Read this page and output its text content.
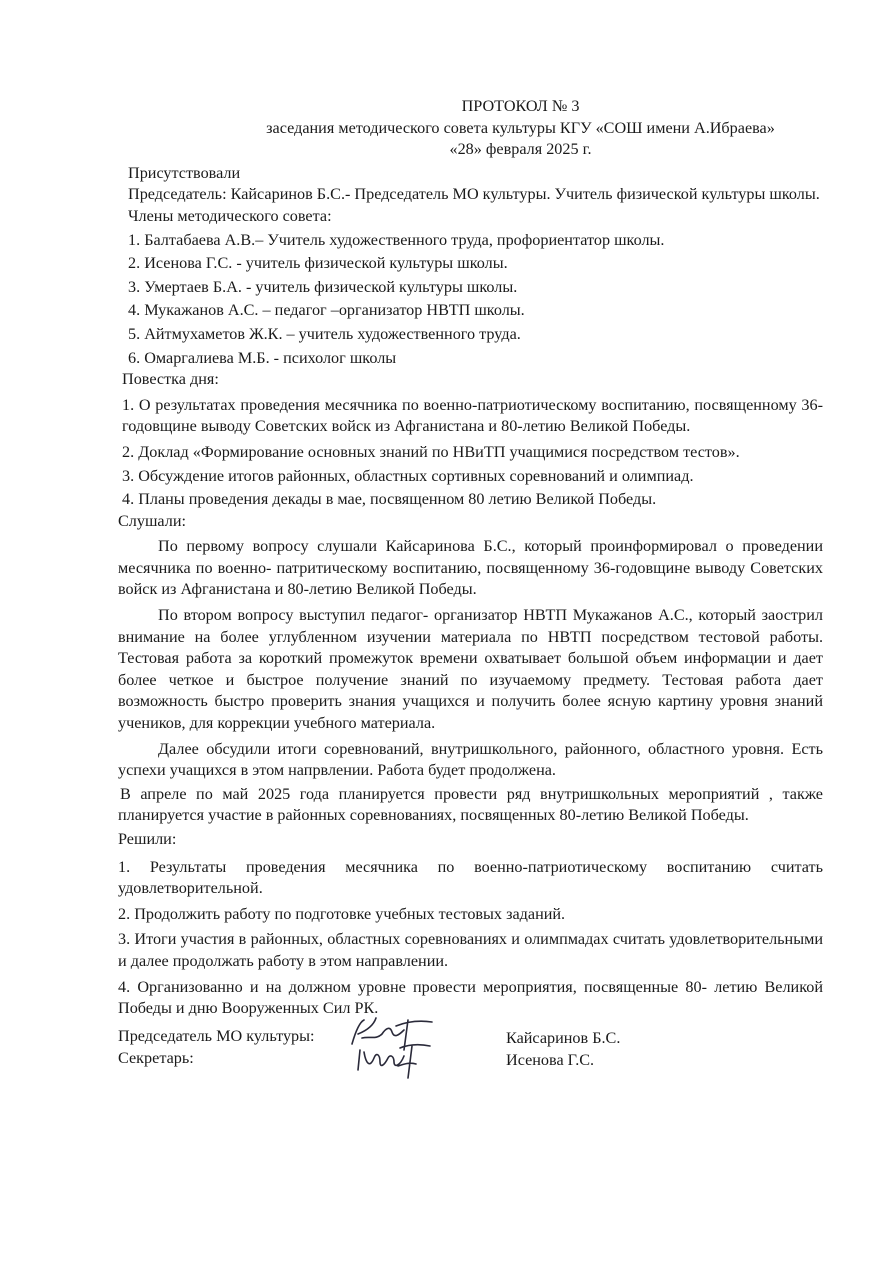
ПРОТОКОЛ № 3
заседания методического совета культуры КГУ «СОШ имени А.Ибраева»
«28» февраля 2025 г.
Присутствовали
Председатель: Кайсаринов Б.С.- Председатель МО культуры. Учитель физической культуры школы.
Члены методического совета:
1. Балтабаева А.В.– Учитель художественного труда, профориентатор школы.
2. Исенова Г.С. - учитель физической культуры школы.
3. Умертаев Б.А. - учитель физической культуры школы.
4. Мукажанов А.С. – педагог –организатор НВТП школы.
5. Айтмухаметов Ж.К. – учитель художественного труда.
6. Омаргалиева М.Б. - психолог школы
Повестка дня:
1. О результатах проведения месячника по военно-патриотическому воспитанию, посвященному 36-годовщине выводу Советских войск из Афганистана и 80-летию Великой Победы.
2. Доклад «Формирование основных знаний по НВиТП учащимися посредством тестов».
3. Обсуждение итогов районных, областных сортивных соревнований и олимпиад.
4. Планы проведения декады в мае, посвященном 80 летию Великой Победы.
Слушали:
По первому вопросу слушали Кайсаринова Б.С., который проинформировал о проведении месячника по военно- патритическому воспитанию, посвященному 36-годовщине выводу Советских войск из Афганистана и 80-летию Великой Победы.
По втором вопросу выступил педагог- организатор НВТП Мукажанов А.С., который заострил внимание на более углубленном изучении материала по НВТП посредством тестовой работы. Тестовая работа за короткий промежуток времени охватывает большой объем информации и дает более четкое и быстрое получение знаний по изучаемому предмету. Тестовая работа дает возможность быстро проверить знания учащихся и получить более ясную картину уровня знаний учеников, для коррекции учебного материала.
Далее обсудили итоги соревнований, внутришкольного, районного, областного уровня. Есть успехи учащихся в этом напрвлении. Работа будет продолжена.
В апреле по май 2025 года планируется провести ряд внутришкольных мероприятий , также планируется участие в районных соревнованиях, посвященных 80-летию Великой Победы.
Решили:
1. Результаты проведения месячника по военно-патриотическому воспитанию считать удовлетворительной.
2. Продолжить работу по подготовке учебных тестовых заданий.
3. Итоги участия в районных, областных соревнованиях и олимпмадах считать удовлетворительными и далее продолжать работу в этом направлении.
4. Организованно и на должном уровне провести мероприятия, посвященные 80- летию Великой Победы и дню Вооруженных Сил РК.
Председатель МО культуры:	Кайсаринов Б.С.
Секретарь:	Исенова Г.С.
